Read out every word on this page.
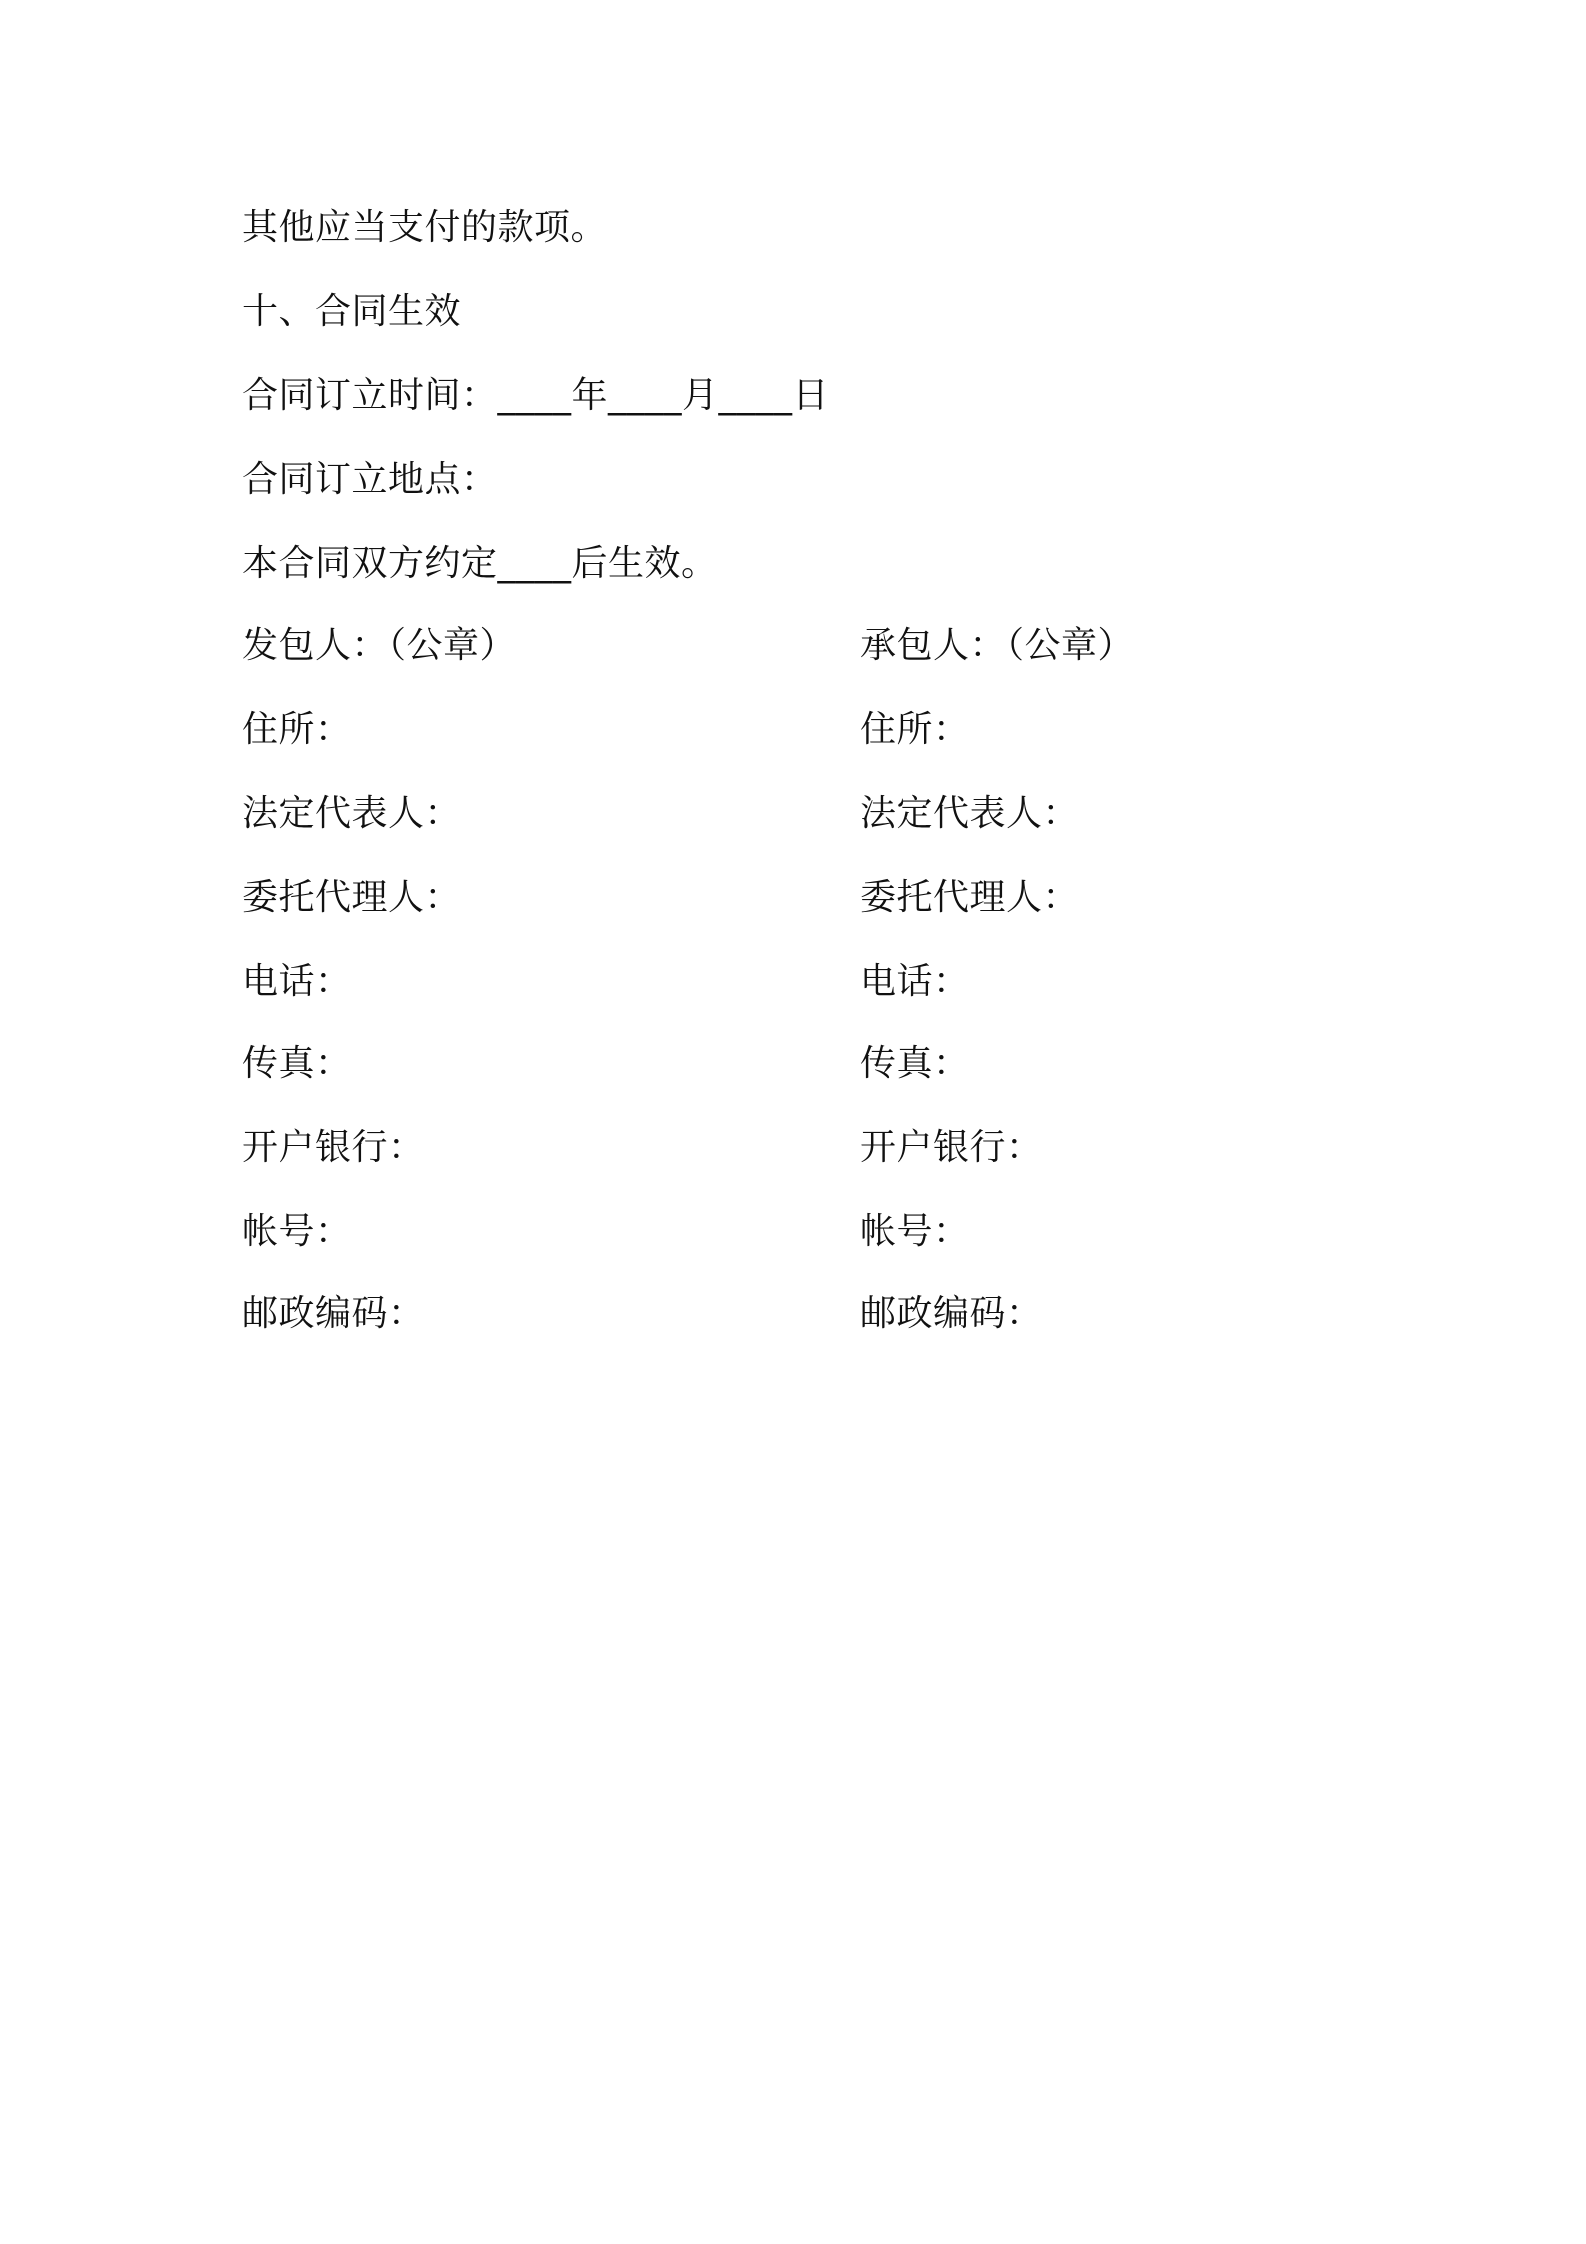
其他应当支付的款项。
十、合同生效
合同订立时间：____年____月____日
合同订立地点：
本合同双方约定____后生效。
发包人：（公章）
住所：
法定代表人：
委托代理人：
电话：
传真：
开户银行：
帐号：
邮政编码：
承包人：（公章）
住所：
法定代表人：
委托代理人：
电话：
传真：
开户银行：
帐号：
邮政编码：
